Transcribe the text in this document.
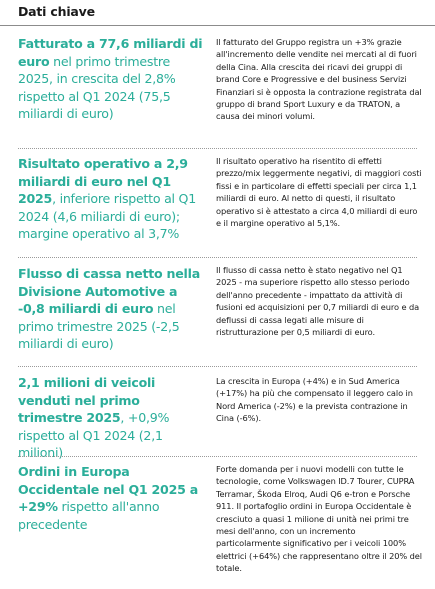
Dati chiave
Fatturato a 77,6 miliardi di euro nel primo trimestre 2025, in crescita del 2,8% rispetto al Q1 2024 (75,5 miliardi di euro)
Il fatturato del Gruppo registra un +3% grazie all'incremento delle vendite nei mercati al di fuori della Cina. Alla crescita dei ricavi dei gruppi di brand Core e Progressive e del business Servizi Finanziari si è opposta la contrazione registrata dal gruppo di brand Sport Luxury e da TRATON, a causa dei minori volumi.
Risultato operativo a 2,9 miliardi di euro nel Q1 2025, inferiore rispetto al Q1 2024 (4,6 miliardi di euro); margine operativo al 3,7%
Il risultato operativo ha risentito di effetti prezzo/mix leggermente negativi, di maggiori costi fissi e in particolare di effetti speciali per circa 1,1 miliardi di euro. Al netto di questi, il risultato operativo si è attestato a circa 4,0 miliardi di euro e il margine operativo al 5,1%.
Flusso di cassa netto nella Divisione Automotive a -0,8 miliardi di euro nel primo trimestre 2025 (-2,5 miliardi di euro)
Il flusso di cassa netto è stato negativo nel Q1 2025 - ma superiore rispetto allo stesso periodo dell'anno precedente - impattato da attività di fusioni ed acquisizioni per 0,7 miliardi di euro e da deflussi di cassa legati alle misure di ristrutturazione per 0,5 miliardi di euro.
2,1 milioni di veicoli venduti nel primo trimestre 2025, +0,9% rispetto al Q1 2024 (2,1 milioni)
La crescita in Europa (+4%) e in Sud America (+17%) ha più che compensato il leggero calo in Nord America (-2%) e la prevista contrazione in Cina (-6%).
Ordini in Europa Occidentale nel Q1 2025 a +29% rispetto all'anno precedente
Forte domanda per i nuovi modelli con tutte le tecnologie, come Volkswagen ID.7 Tourer, CUPRA Terramar, Škoda Elroq, Audi Q6 e-tron e Porsche 911. Il portafoglio ordini in Europa Occidentale è cresciuto a quasi 1 milione di unità nei primi tre mesi dell'anno, con un incremento particolarmente significativo per i veicoli 100% elettrici (+64%) che rappresentano oltre il 20% del totale.
